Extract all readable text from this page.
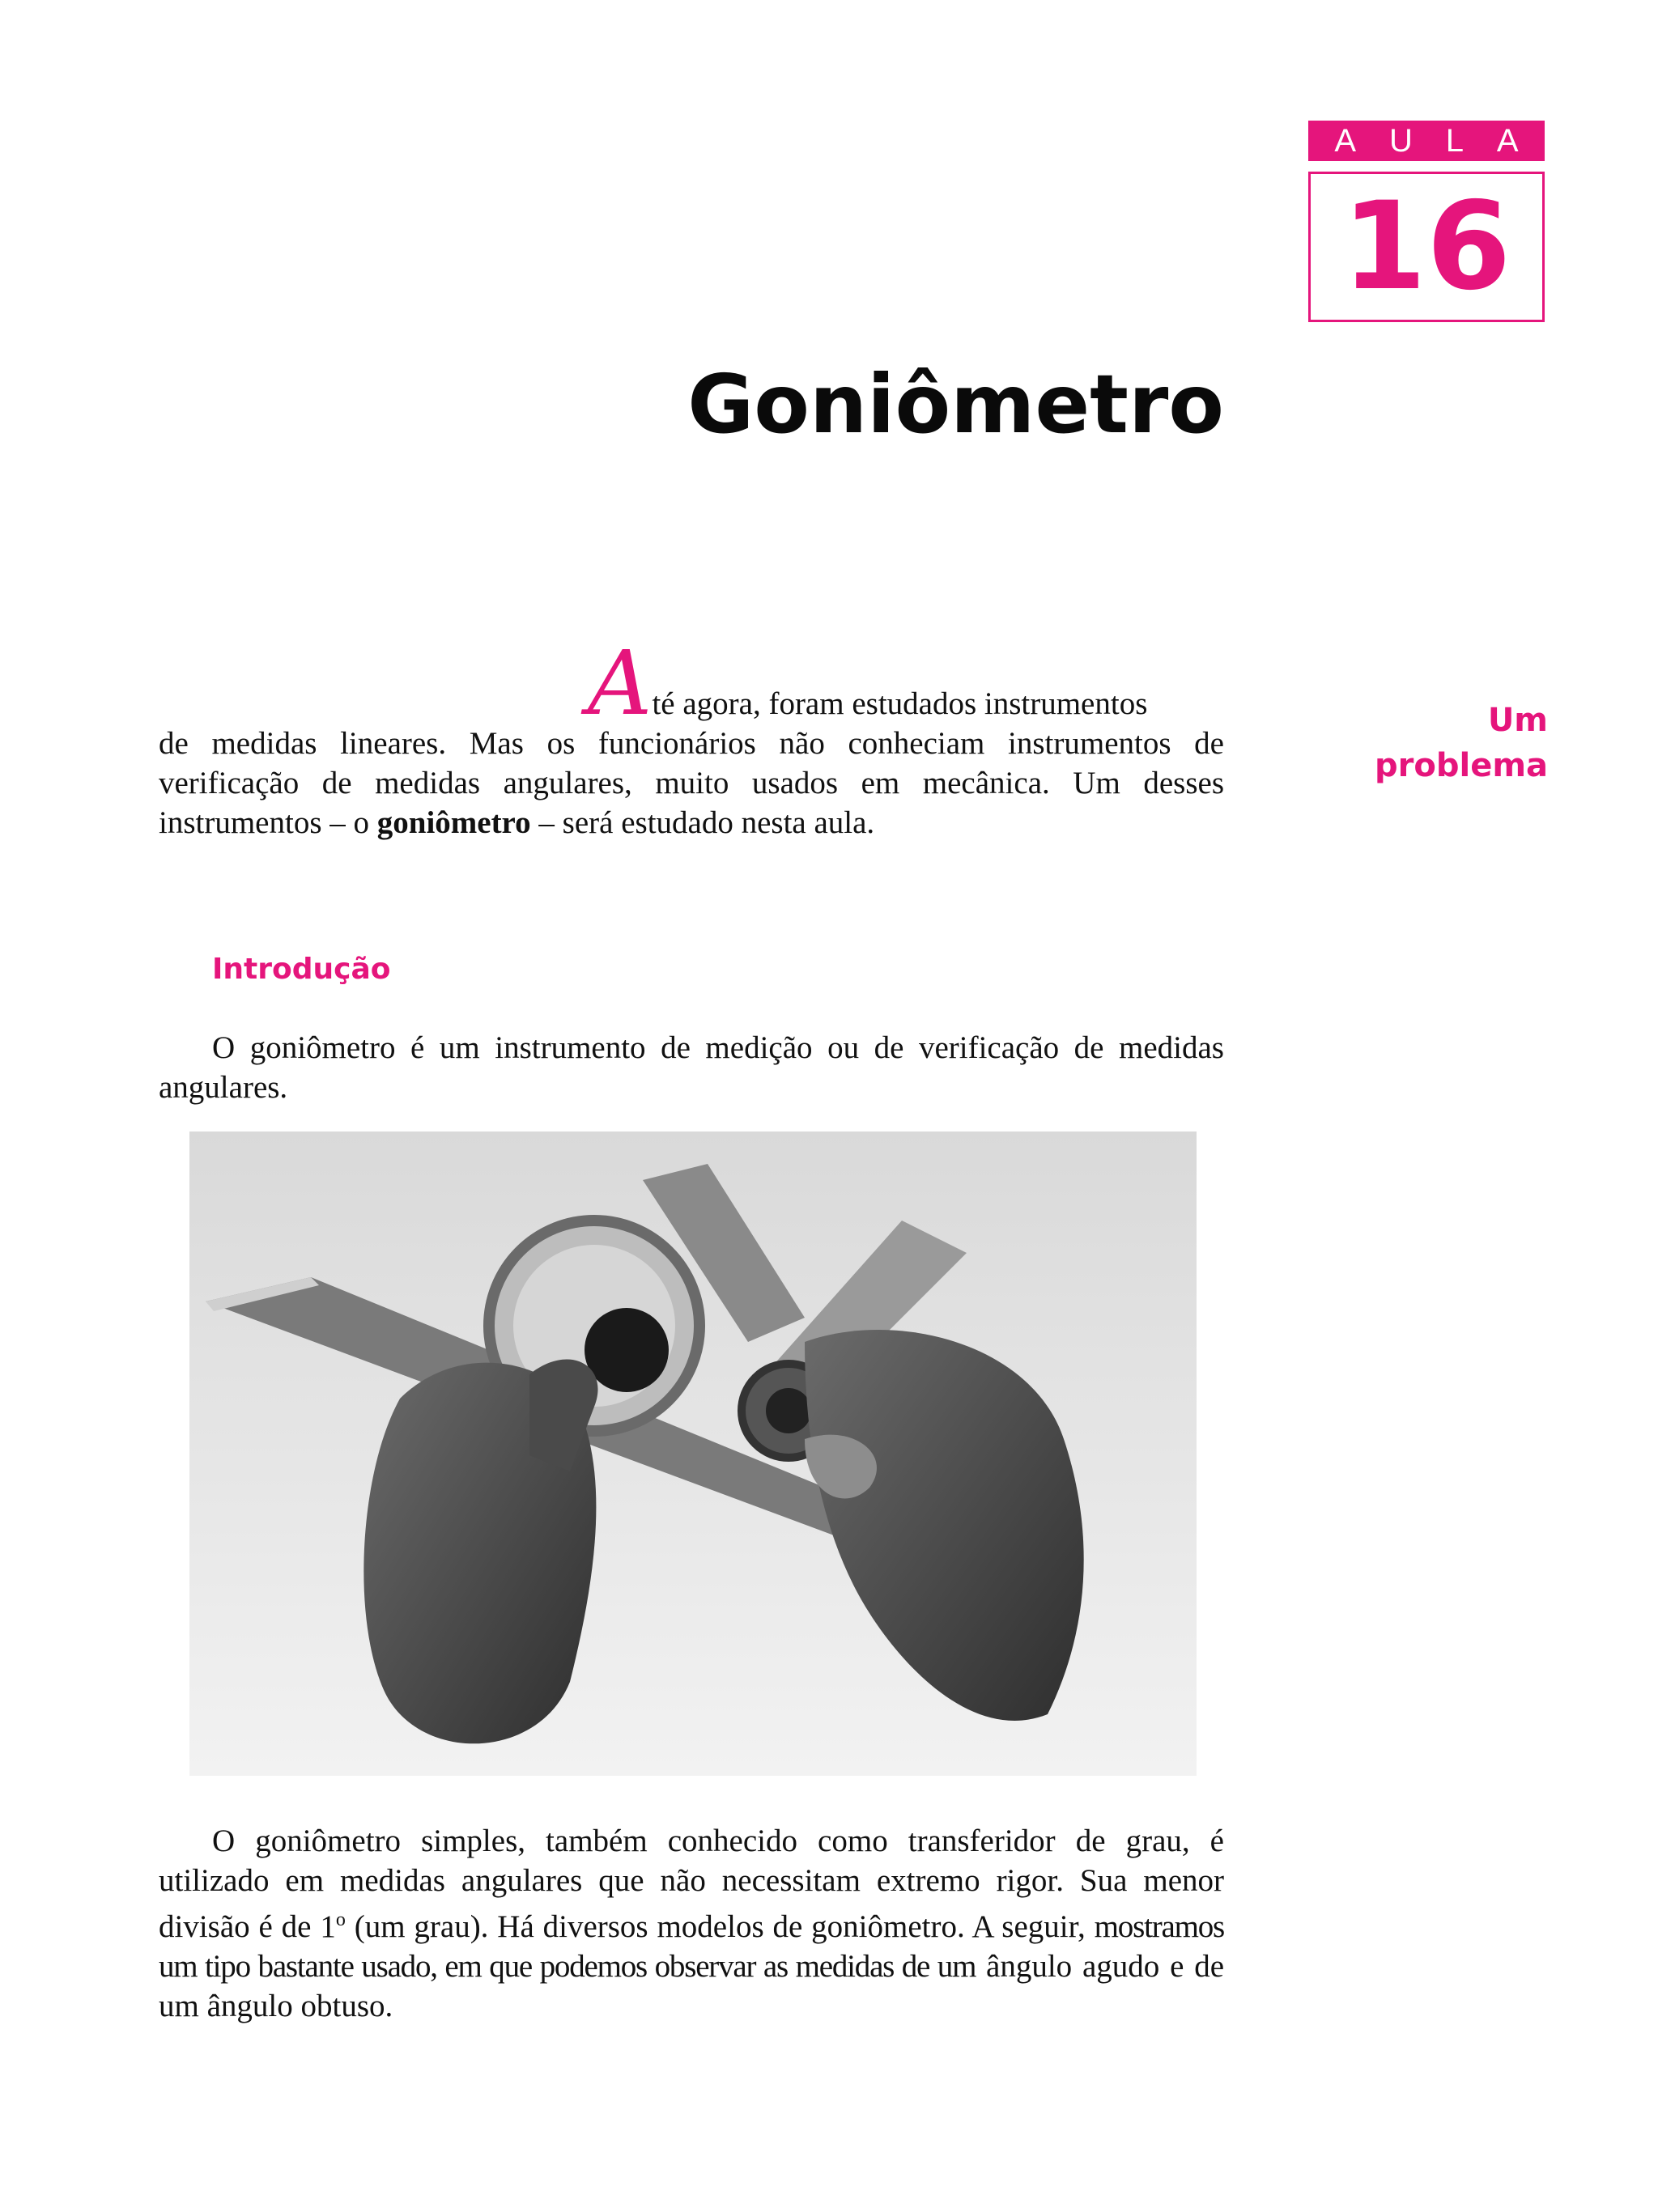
A U L A
16
Goniômetro
Um problema

Até agora, foram estudados instrumentos
de medidas lineares. Mas os funcionários não conheciam instrumentos de verificação de medidas angulares, muito usados em mecânica. Um desses instrumentos – o goniômetro – será estudado nesta aula.

Introdução

O goniômetro é um instrumento de medição ou de verificação de medidas angulares.

O goniômetro simples, também conhecido como transferidor de grau, é utilizado em medidas angulares que não necessitam extremo rigor. Sua menor divisão é de 1$^o$ (um grau). Há diversos modelos de goniômetro. A seguir, mostramos um tipo bastante usado, em que podemos observar as medidas de um ângulo agudo e de um ângulo obtuso.
